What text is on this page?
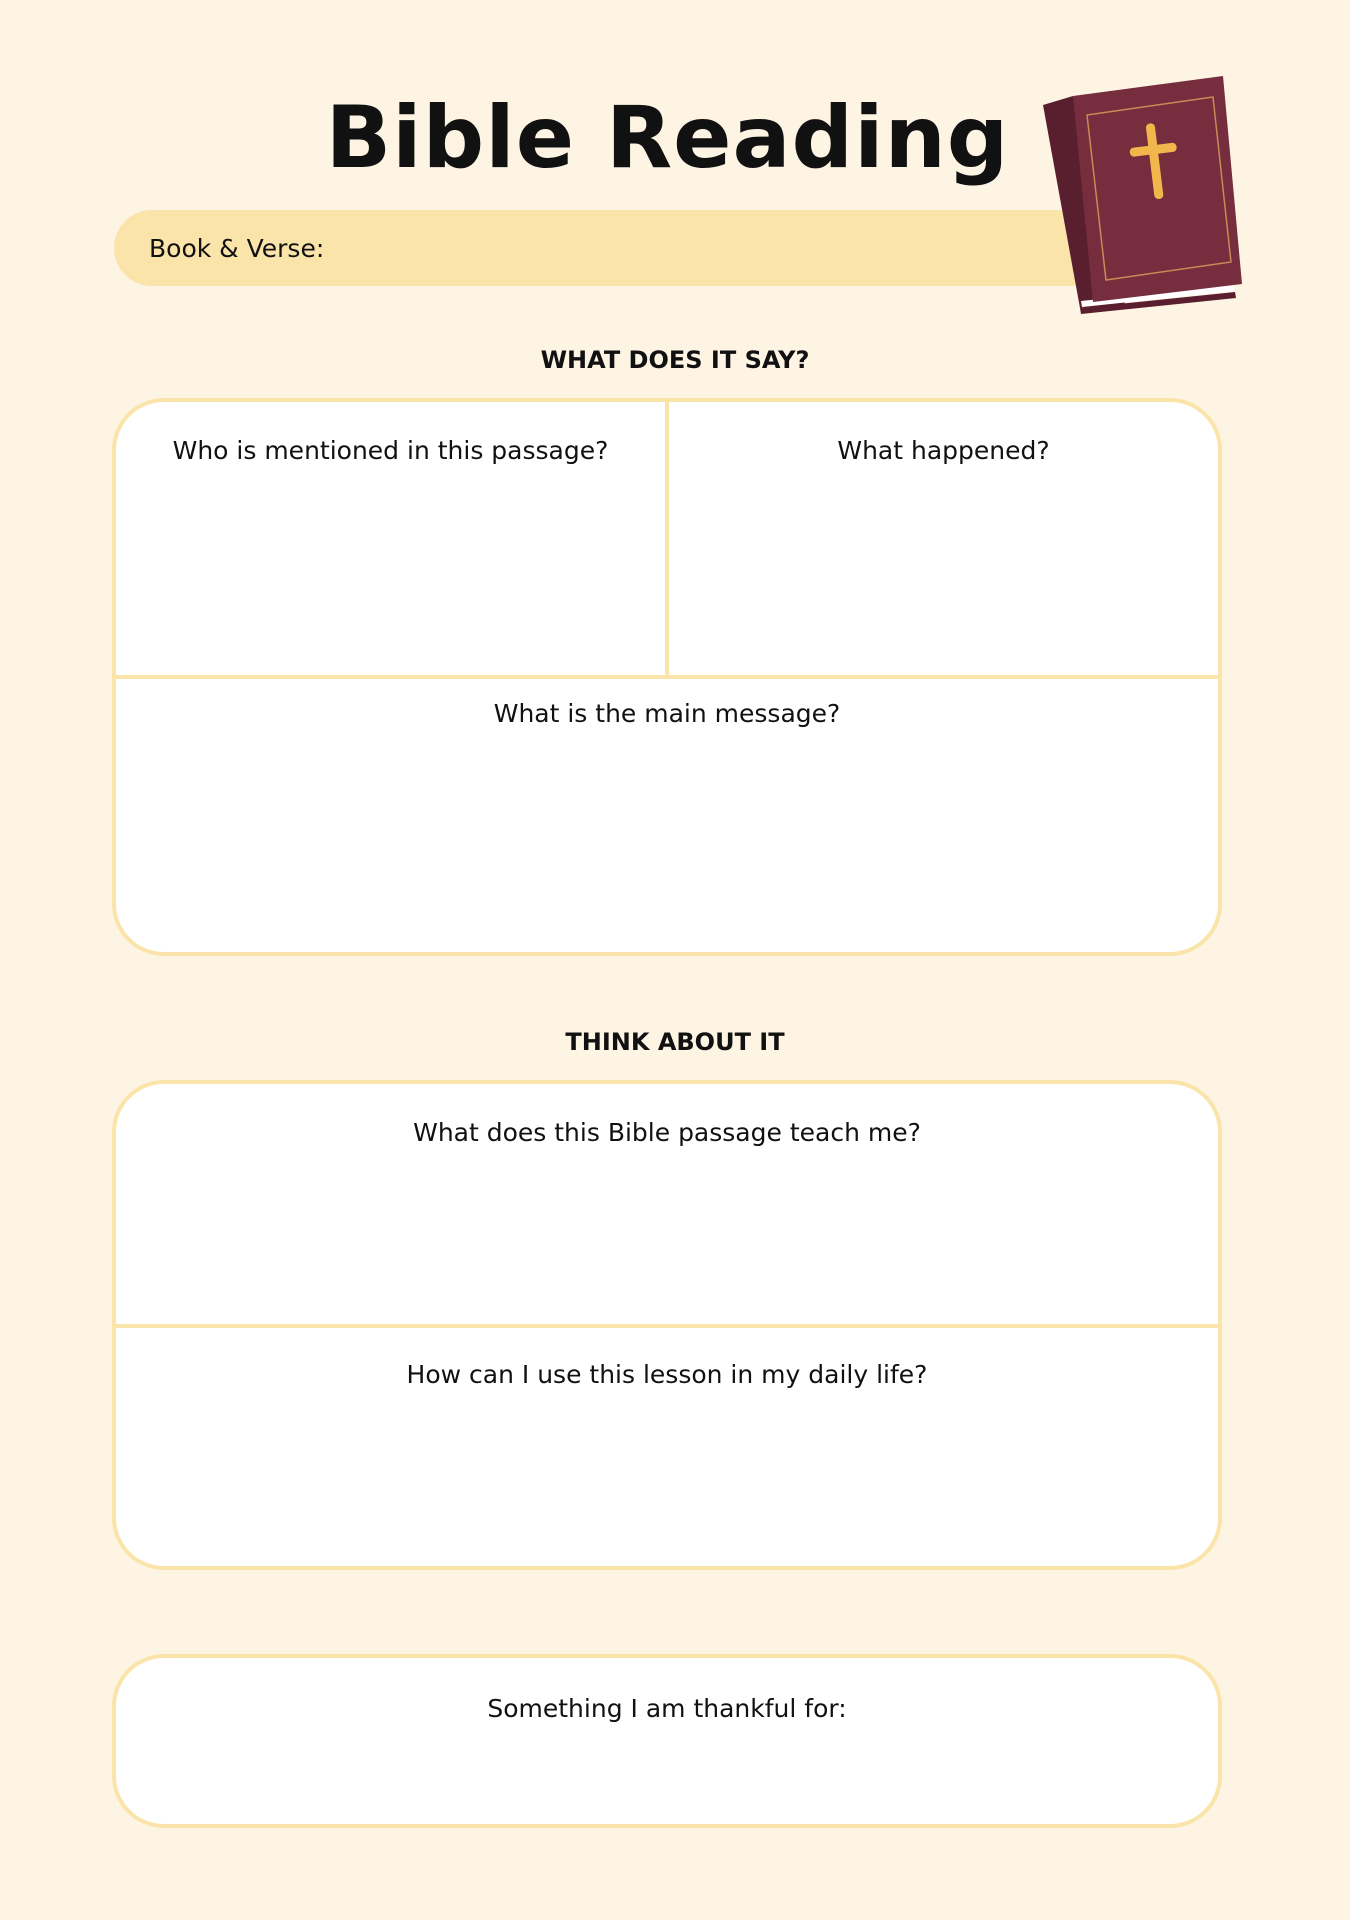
Bible Reading
Book & Verse:
WHAT DOES IT SAY?
Who is mentioned in this passage?	What happened?
What is the main message?
THINK ABOUT IT
What does this Bible passage teach me?
How can I use this lesson in my daily life?
Something I am thankful for:
